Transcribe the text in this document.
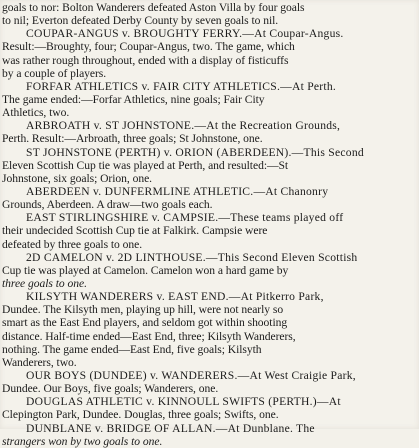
goals to nor: Bolton Wanderers defeated Aston Villa by four goals
to nil; Everton defeated Derby County by seven goals to nil.
COUPAR-ANGUS v. BROUGHTY FERRY.—At Coupar-Angus.
Result:—Broughty, four; Coupar-Angus, two. The game, which
was rather rough throughout, ended with a display of fisticuffs
by a couple of players.
FORFAR ATHLETICS v. FAIR CITY ATHLETICS.—At Perth.
The game ended:—Forfar Athletics, nine goals; Fair City
Athletics, two.
ARBROATH v. ST JOHNSTONE.—At the Recreation Grounds,
Perth. Result:—Arbroath, three goals; St Johnstone, one.
ST JOHNSTONE (PERTH) v. ORION (ABERDEEN).—This Second
Eleven Scottish Cup tie was played at Perth, and resulted:—St
Johnstone, six goals; Orion, one.
ABERDEEN v. DUNFERMLINE ATHLETIC.—At Chanonry
Grounds, Aberdeen. A draw—two goals each.
EAST STIRLINGSHIRE v. CAMPSIE.—These teams played off
their undecided Scottish Cup tie at Falkirk. Campsie were
defeated by three goals to one.
2D CAMELON v. 2D LINTHOUSE.—This Second Eleven Scottish
Cup tie was played at Camelon. Camelon won a hard game by
three goals to one.
KILSYTH WANDERERS v. EAST END.—At Pitkerro Park,
Dundee. The Kilsyth men, playing up hill, were not nearly so
smart as the East End players, and seldom got within shooting
distance. Half-time ended—East End, three; Kilsyth Wanderers,
nothing. The game ended—East End, five goals; Kilsyth
Wanderers, two.
OUR BOYS (DUNDEE) v. WANDERERS.—At West Craigie Park,
Dundee. Our Boys, five goals; Wanderers, one.
DOUGLAS ATHLETIC v. KINNOULL SWIFTS (PERTH.)—At
Clepington Park, Dundee. Douglas, three goals; Swifts, one.
DUNBLANE v. BRIDGE OF ALLAN.—At Dunblane. The
strangers won by two goals to one.
